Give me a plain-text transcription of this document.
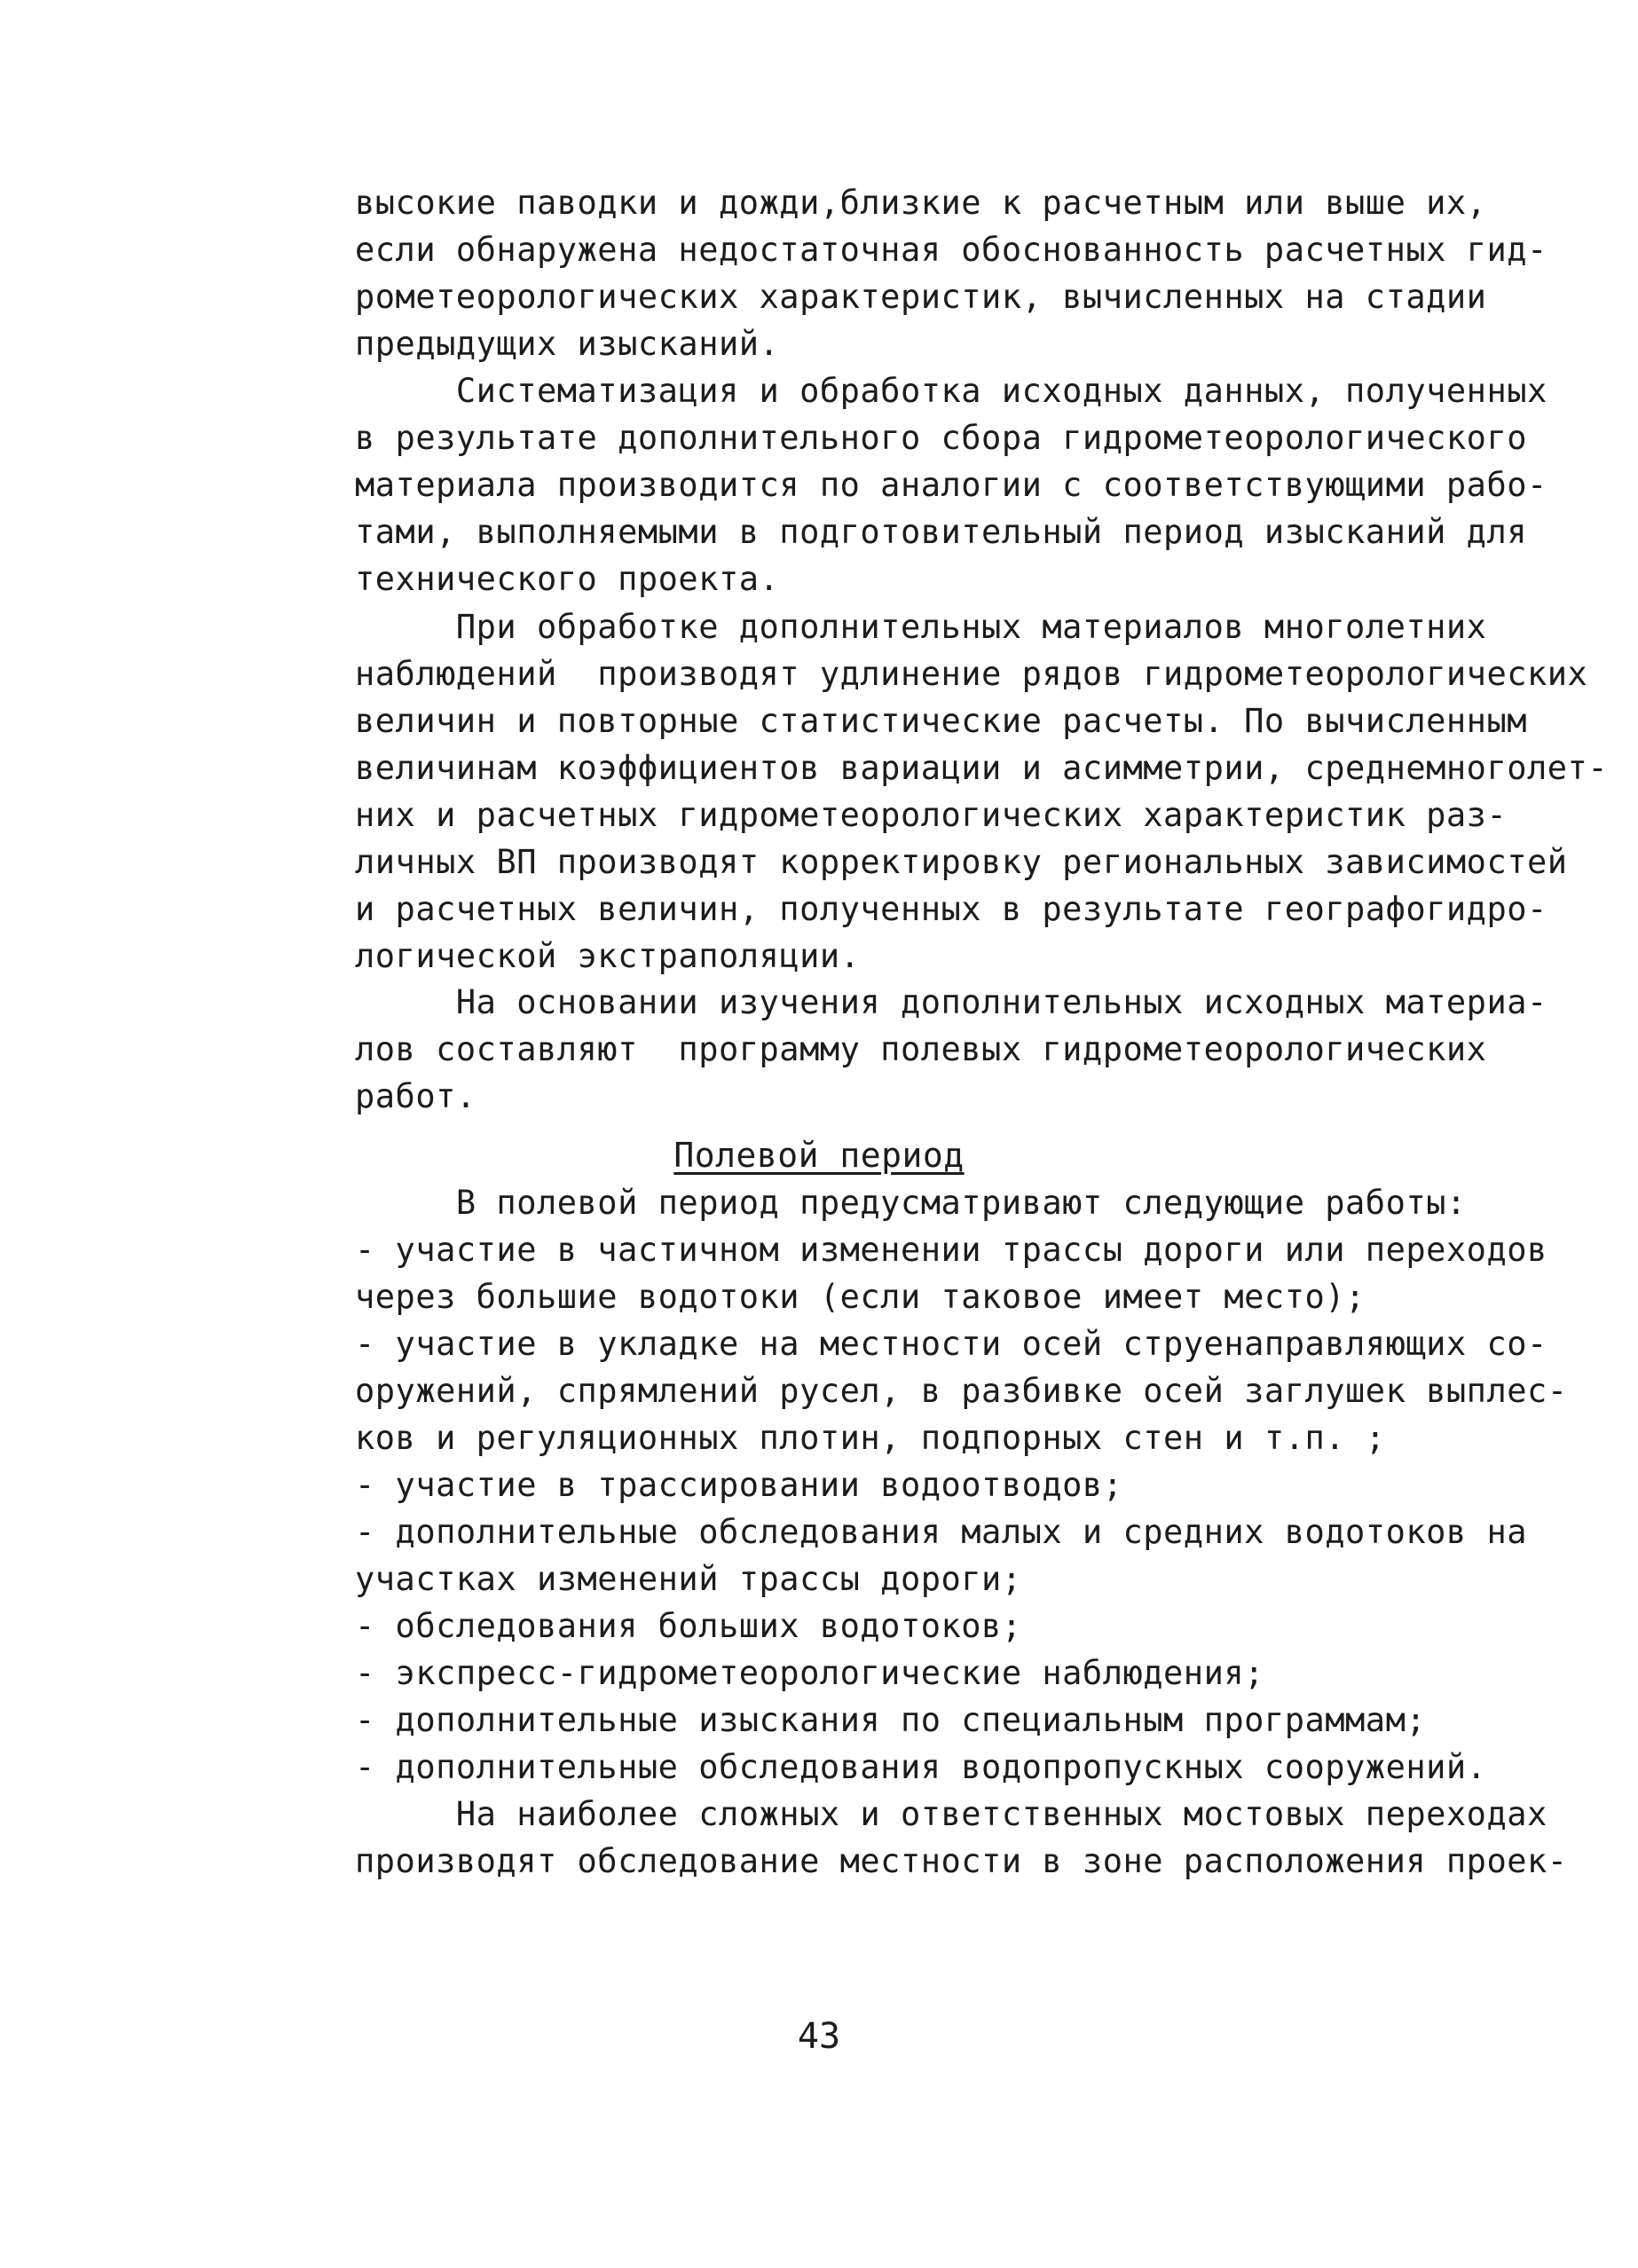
высокие паводки и дожди,близкие к расчетным или выше их,
если обнаружена недостаточная обоснованность расчетных гид-
рометеорологических характеристик, вычисленных на стадии
предыдущих изысканий.
Систематизация и обработка исходных данных, полученных
в результате дополнительного сбора гидрометеорологического
материала производится по аналогии с соответствующими рабо-
тами, выполняемыми в подготовительный период изысканий для
технического проекта.
При обработке дополнительных материалов многолетних
наблюдений  производят удлинение рядов гидрометеорологических
величин и повторные статистические расчеты. По вычисленным
величинам коэффициентов вариации и асимметрии, среднемноголет-
них и расчетных гидрометеорологических характеристик раз-
личных ВП производят корректировку региональных зависимостей
и расчетных величин, полученных в результате географогидро-
логической экстраполяции.
На основании изучения дополнительных исходных материа-
лов составляют  программу полевых гидрометеорологических
работ.
Полевой период
В полевой период предусматривают следующие работы:
- участие в частичном изменении трассы дороги или переходов
через большие водотоки (если таковое имеет место);
- участие в укладке на местности осей струенаправляющих со-
оружений, спрямлений русел, в разбивке осей заглушек выплес-
ков и регуляционных плотин, подпорных стен и т.п. ;
- участие в трассировании водоотводов;
- дополнительные обследования малых и средних водотоков на
участках изменений трассы дороги;
- обследования больших водотоков;
- экспресс-гидрометеорологические наблюдения;
- дополнительные изыскания по специальным программам;
- дополнительные обследования водопропускных сооружений.
На наиболее сложных и ответственных мостовых переходах
производят обследование местности в зоне расположения проек-
43
